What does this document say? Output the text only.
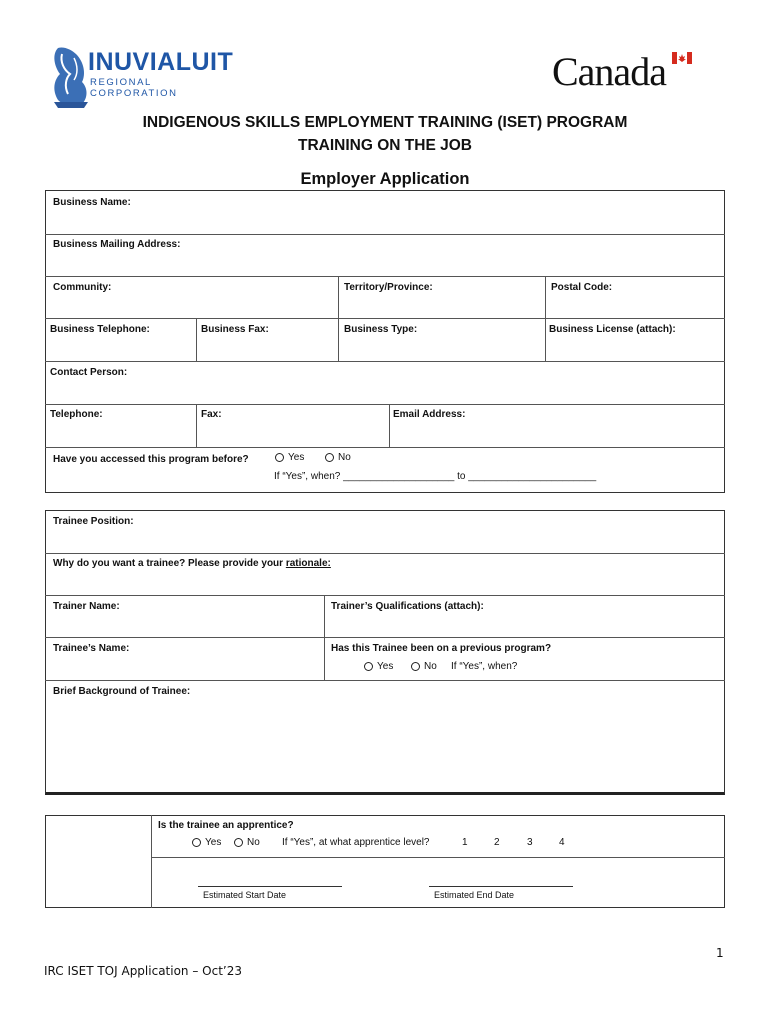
INUVIALUIT
REGIONAL CORPORATION	Canada
INDIGENOUS SKILLS EMPLOYMENT TRAINING (ISET) PROGRAM
TRAINING ON THE JOB
Employer Application
Business Name:
Business Mailing Address:
Community:	Territory/Province:	Postal Code:
Business Telephone:	Business Fax:	Business Type:	Business License (attach):
Contact Person:
Telephone:	Fax:	Email Address:
Have you accessed this program before?	Yes	No
If “Yes”, when? ____________________ to _______________________
Trainee Position:
Why do you want a trainee? Please provide your rationale:
Trainer Name:	Trainer’s Qualifications (attach):
Trainee’s Name:	Has this Trainee been on a previous program?
Yes	No If “Yes”, when?
Brief Background of Trainee:
Is the trainee an apprentice?
Yes	No If “Yes”, at what apprentice level?	1	2	3	4
Estimated Start Date	Estimated End Date
1
IRC ISET TOJ Application – Oct’23
